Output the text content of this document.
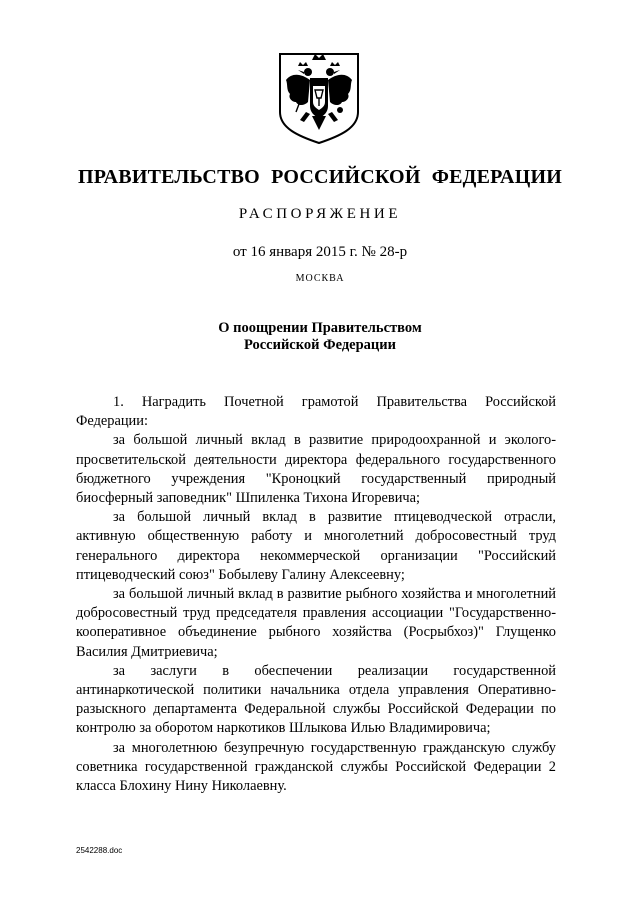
ПРАВИТЕЛЬСТВО РОССИЙСКОЙ ФЕДЕРАЦИИ
РАСПОРЯЖЕНИЕ
от 16 января 2015 г. № 28-р
МОСКВА
О поощрении Правительством
Российской Федерации

1. Наградить Почетной грамотой Правительства Российской Федерации:

за большой личный вклад в развитие природоохранной и эколого-просветительской деятельности директора федерального государственного бюджетного учреждения "Кроноцкий государственный природный биосферный заповедник" Шпиленка Тихона Игоревича;

за большой личный вклад в развитие птицеводческой отрасли, активную общественную работу и многолетний добросовестный труд генерального директора некоммерческой организации "Российский птицеводческий союз" Бобылеву Галину Алексеевну;

за большой личный вклад в развитие рыбного хозяйства и многолетний добросовестный труд председателя правления ассоциации "Государственно-кооперативное объединение рыбного хозяйства (Росрыбхоз)" Глущенко Василия Дмитриевича;

за заслуги в обеспечении реализации государственной антинаркотической политики начальника отдела управления Оперативно-разыскного департамента Федеральной службы Российской Федерации по контролю за оборотом наркотиков Шлыкова Илью Владимировича;

за многолетнюю безупречную государственную гражданскую службу советника государственной гражданской службы Российской Федерации 2 класса Блохину Нину Николаевну.

2542288.doc
